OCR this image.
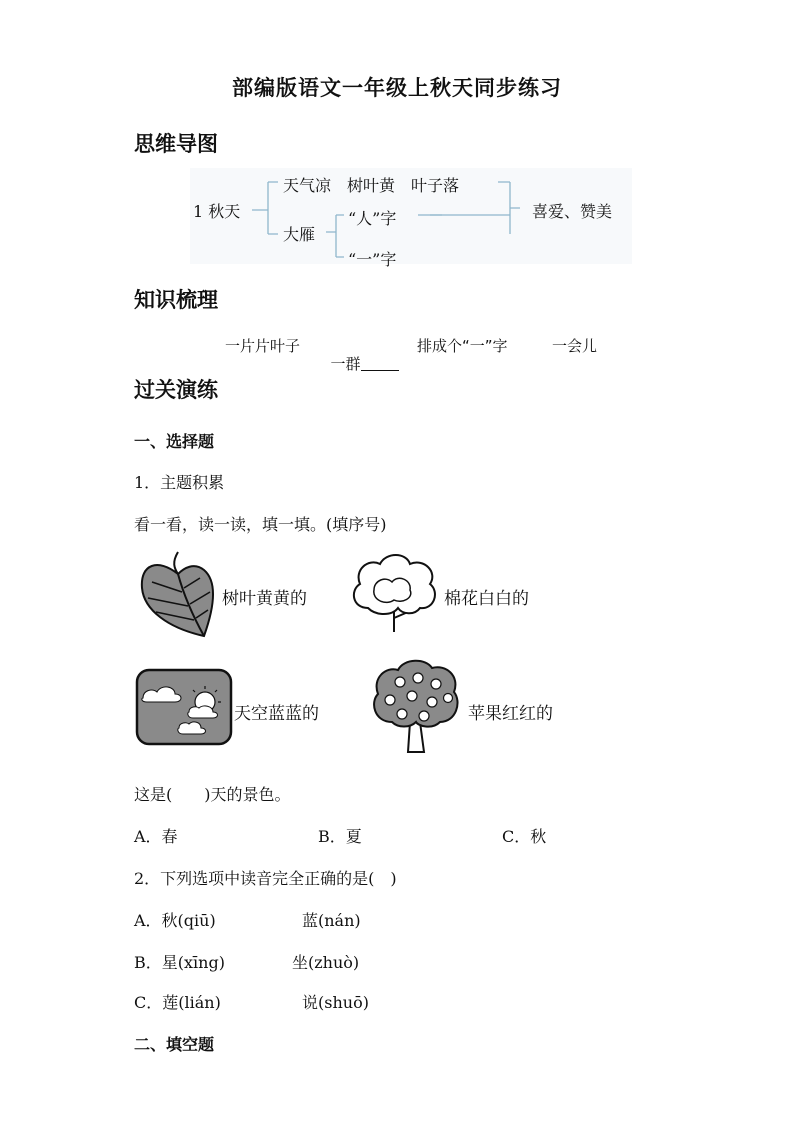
部编版语文一年级上秋天同步练习
思维导图
1 秋天
天气凉　树叶黄　叶子落
大雁
“人”字
“一”字
喜爱、赞美
知识梳理
一片片叶子

一群

排成个“一”字	一会儿
过关演练
一、选择题
1．主题积累
看一看，读一读，填一填。(填序号)
树叶黄黄的	棉花白白的
天空蓝蓝的	苹果红红的
这是(　　)天的景色。
A．春	B．夏	C．秋
2．下列选项中读音完全正确的是(　)
A．秋(qiū)	蓝(nán)
B．星(xīng)	坐(zhuò)
C．莲(lián)	说(shuō)
二、填空题
